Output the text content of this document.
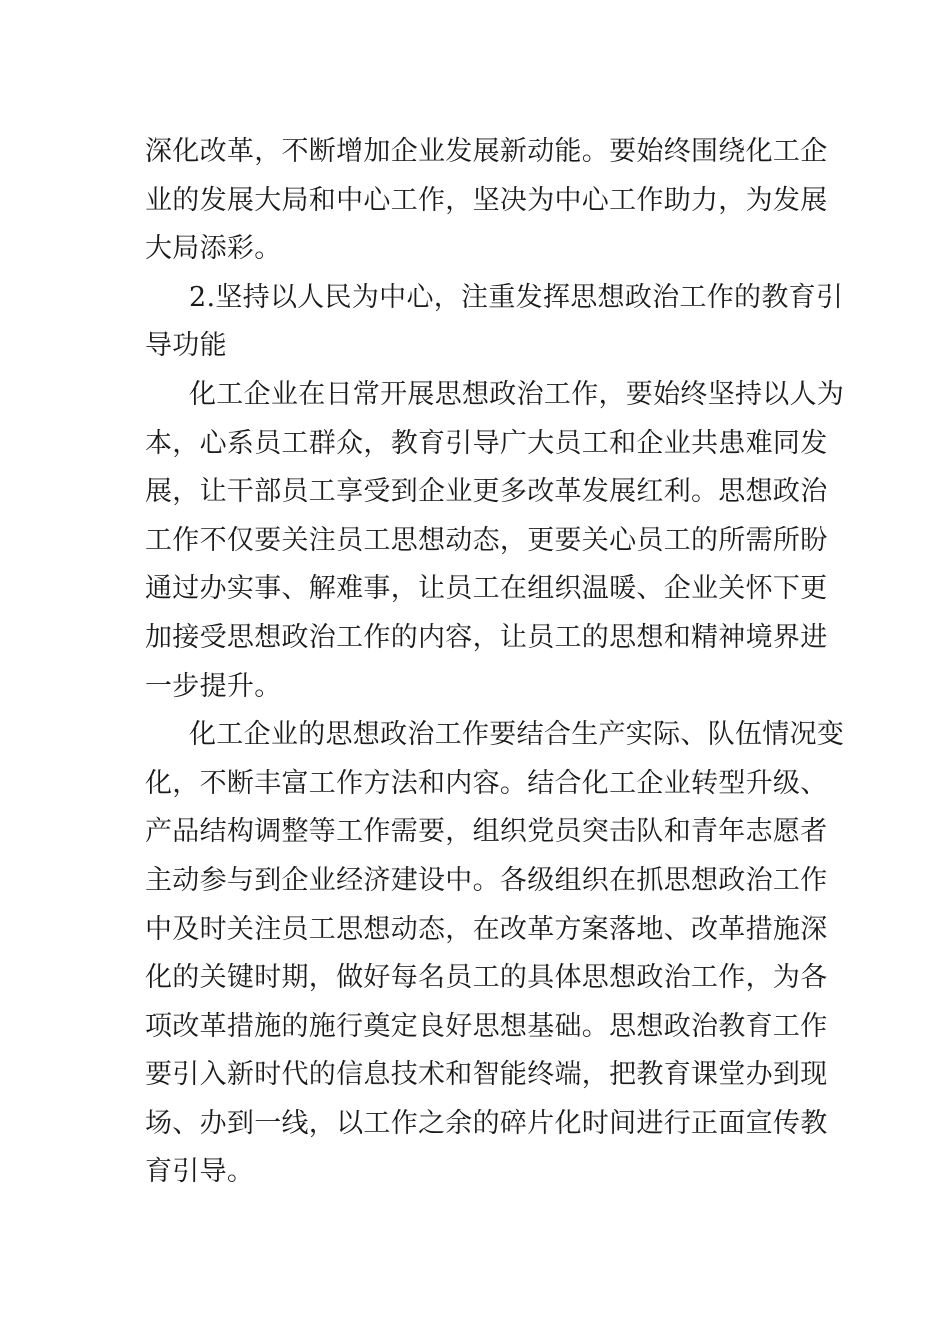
深化改革，不断增加企业发展新动能。要始终围绕化工企
业的发展大局和中心工作，坚决为中心工作助力，为发展
大局添彩。
2.坚持以人民为中心，注重发挥思想政治工作的教育引
导功能
化工企业在日常开展思想政治工作，要始终坚持以人为
本，心系员工群众，教育引导广大员工和企业共患难同发
展，让干部员工享受到企业更多改革发展红利。思想政治
工作不仅要关注员工思想动态，更要关心员工的所需所盼
通过办实事、解难事，让员工在组织温暖、企业关怀下更
加接受思想政治工作的内容，让员工的思想和精神境界进
一步提升。
化工企业的思想政治工作要结合生产实际、队伍情况变
化，不断丰富工作方法和内容。结合化工企业转型升级、
产品结构调整等工作需要，组织党员突击队和青年志愿者
主动参与到企业经济建设中。各级组织在抓思想政治工作
中及时关注员工思想动态，在改革方案落地、改革措施深
化的关键时期，做好每名员工的具体思想政治工作，为各
项改革措施的施行奠定良好思想基础。思想政治教育工作
要引入新时代的信息技术和智能终端，把教育课堂办到现
场、办到一线，以工作之余的碎片化时间进行正面宣传教
育引导。
